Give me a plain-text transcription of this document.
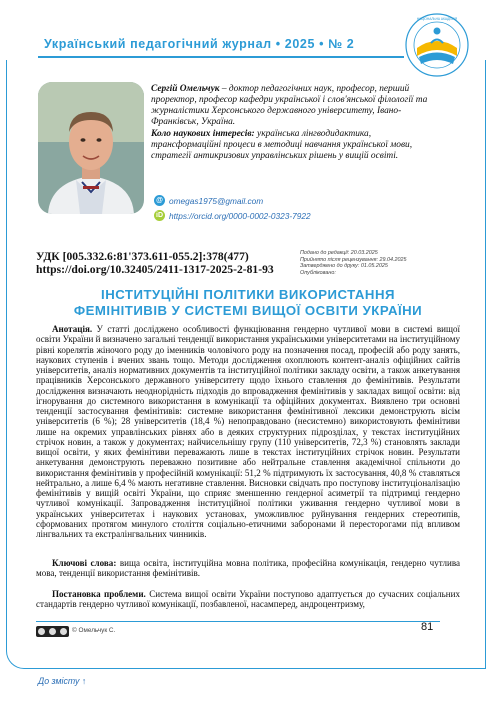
Український педагогічний журнал • 2025 • № 2
НАЦІОНАЛЬНА АКАДЕМІЯ
Сергій Омельчук – доктор педагогічних наук, професор, перший проректор, професор кафедри української і слов'янської філології та журналістики Херсонського державного університету, Івано-Франківськ, Україна.
Коло наукових інтересів: українська лінгводидактика, трансформаційні процеси в методиці навчання української мови, стратегії антикризових управлінських рішень у вищій освіті.
@ omegas1975@gmail.com
iD https://orcid.org/0000-0002-0323-7922
УДК [005.332.6:81'373.611-055.2]:378(477)
https://doi.org/10.32405/2411-1317-2025-2-81-93
Подано до редакції: 20.03.2025
Прийнято після рецензування: 29.04.2025
Затверджено до друку: 01.05.2025
Опубліковано:
ІНСТИТУЦІЙНІ ПОЛІТИКИ ВИКОРИСТАННЯ
ФЕМІНІТИВІВ У СИСТЕМІ ВИЩОЇ ОСВІТИ УКРАЇНИ

Анотація. У статті досліджено особливості функціювання гендерно чутливої мови в системі вищої освіти України й визначено загальні тенденції використання українськими університетами на інституційному рівні корелятів жіночого роду до іменників чоловічого роду на позначення посад, професій або роду занять, наукових ступенів і вчених звань тощо. Методи дослідження охоплюють контент-аналіз офіційних сайтів університетів, аналіз нормативних документів та інституційної політики закладу освіти, а також анкетування працівників Херсонського державного університету щодо їхнього ставлення до фемінітивів. Результати дослідження визначають неоднорідність підходів до впровадження фемінітивів у закладах вищої освіти: від ігнорування до системного використання в комунікації та офіційних документах. Виявлено три основні тенденції застосування фемінітивів: системне використання фемінітивної лексики демонструють вісім університетів (6 %); 28 університетів (18,4 %) непоправдовано (несистемно) використовують фемінітиви лише на окремих управлінських рівнях або в деяких структурних підрозділах, у текстах інституційних стрічок новин, а також у документах; найчисельнішу групу (110 університетів, 72,3 %) становлять заклади вищої освіти, у яких фемінітиви переважають лише в текстах інституційних стрічок новин. Результати анкетування демонструють переважно позитивне або нейтральне ставлення академічної спільноти до використання фемінітивів у професійній комунікації: 51,2 % підтримують їх застосування, 40,8 % ставляться нейтрально, а лише 6,4 % мають негативне ставлення. Висновки свідчать про поступову інституціоналізацію фемінітивів у вищій освіті України, що сприяє зменшенню гендерної асиметрії та підтримці гендерно чутливої комунікації. Запровадження інституційної політики уживання гендерно чутливої мови в українських університетах і наукових установах, уможливлює руйнування гендерних стереотипів, сформованих протягом минулого століття соціально-етичними заборонами й пересторогами під впливом лінгвальних та екстралінгвальних чинників.

Ключові слова: вища освіта, інституційна мовна політика, професійна комунікація, гендерно чутлива мова, тенденції використання фемінітивів.
Постановка проблеми. Система вищої освіти України поступово адаптується до сучасних соціальних стандартів гендерно чутливої комунікації, позбавленої, насамперед, андроцентризму,
© Омельчук С.	81
До змісту ↑
